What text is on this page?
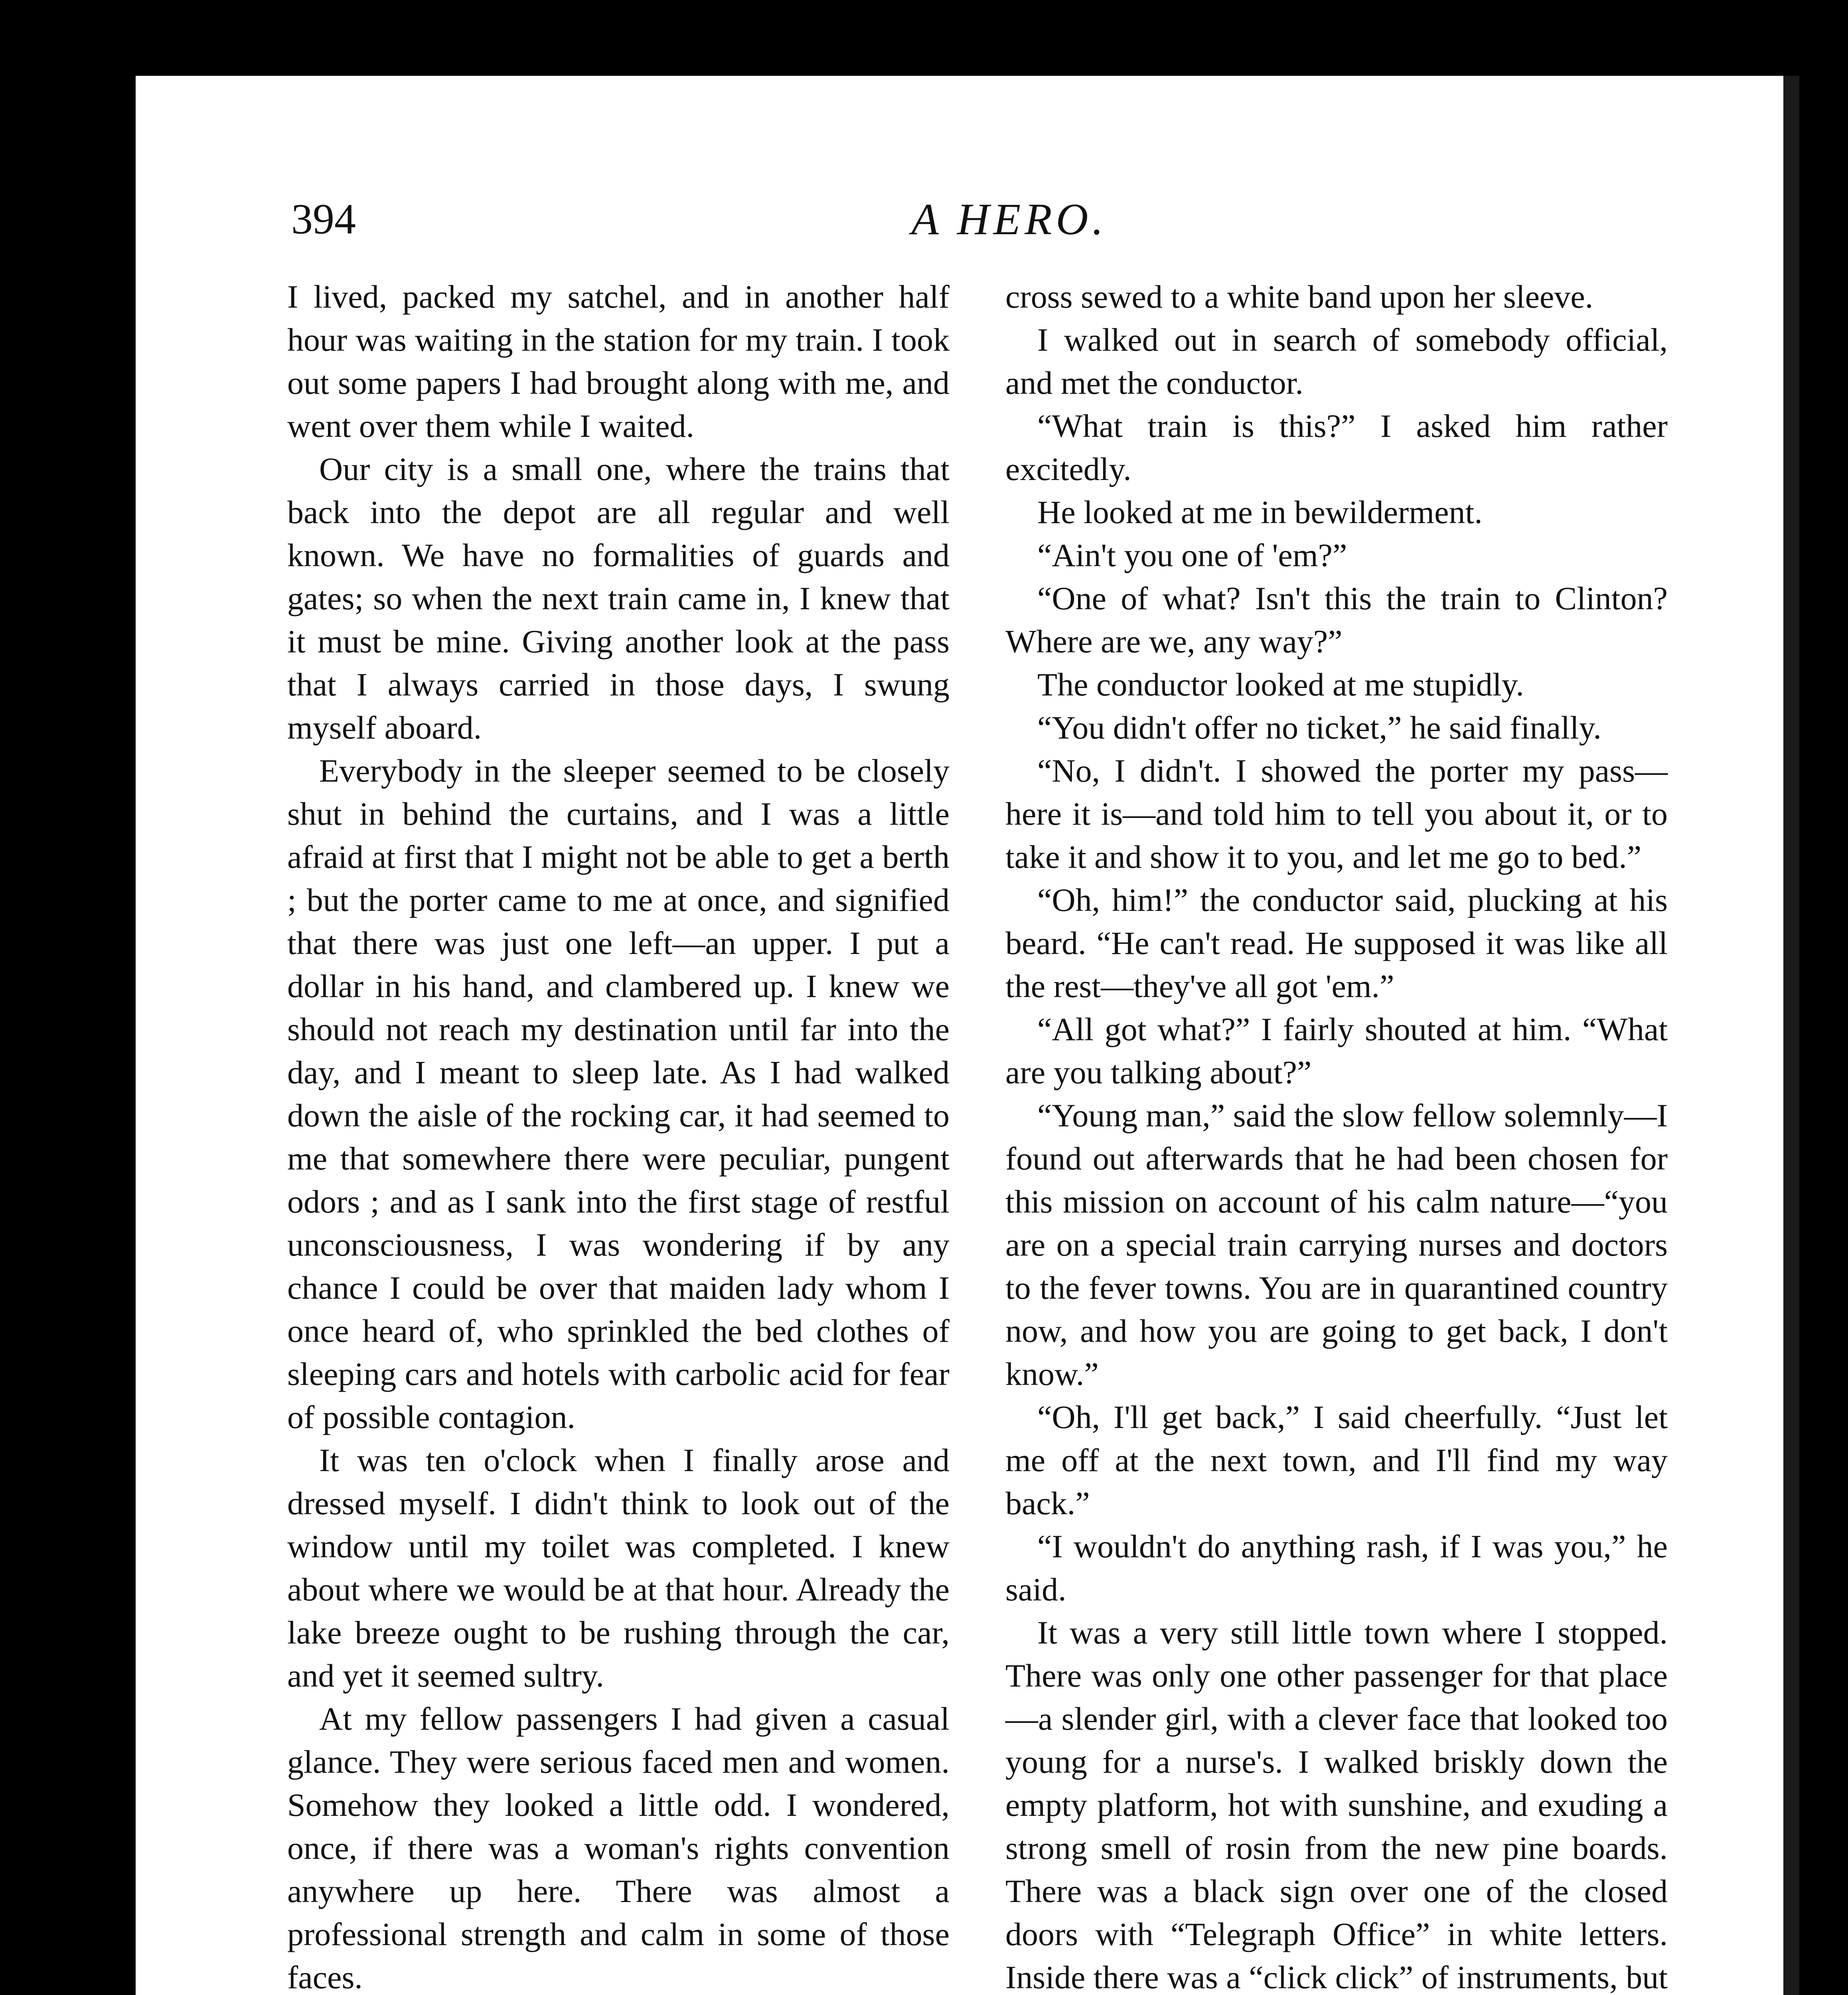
394	A HERO.

I lived, packed my satchel, and in another half hour was waiting in the station for my train. I took out some papers I had brought along with me, and went over them while I waited.

Our city is a small one, where the trains that back into the depot are all regular and well known. We have no formalities of guards and gates; so when the next train came in, I knew that it must be mine. Giving another look at the pass that I always carried in those days, I swung myself aboard.

Everybody in the sleeper seemed to be closely shut in behind the curtains, and I was a little afraid at first that I might not be able to get a berth ; but the porter came to me at once, and signified that there was just one left—an upper. I put a dollar in his hand, and clambered up. I knew we should not reach my destination until far into the day, and I meant to sleep late. As I had walked down the aisle of the rocking car, it had seemed to me that somewhere there were peculiar, pungent odors ; and as I sank into the first stage of restful unconsciousness, I was wondering if by any chance I could be over that maiden lady whom I once heard of, who sprinkled the bed clothes of sleeping cars and hotels with carbolic acid for fear of possible contagion.

It was ten o'clock when I finally arose and dressed myself. I didn't think to look out of the window until my toilet was completed. I knew about where we would be at that hour. Already the lake breeze ought to be rushing through the car, and yet it seemed sultry.

At my fellow passengers I had given a casual glance. They were serious faced men and women. Somehow they looked a little odd. I wondered, once, if there was a woman's rights convention anywhere up here. There was almost a professional strength and calm in some of those faces.

cross sewed to a white band upon her sleeve.

I walked out in search of somebody official, and met the conductor.

“What train is this?” I asked him rather excitedly.

He looked at me in bewilderment.

“Ain't you one of 'em?”

“One of what? Isn't this the train to Clinton? Where are we, any way?”

The conductor looked at me stupidly.

“You didn't offer no ticket,” he said finally.

“No, I didn't. I showed the porter my pass—here it is—and told him to tell you about it, or to take it and show it to you, and let me go to bed.”

“Oh, him!” the conductor said, plucking at his beard. “He can't read. He supposed it was like all the rest—they've all got 'em.”

“All got what?” I fairly shouted at him. “What are you talking about?”

“Young man,” said the slow fellow solemnly—I found out afterwards that he had been chosen for this mission on account of his calm nature—“you are on a special train carrying nurses and doctors to the fever towns. You are in quarantined country now, and how you are going to get back, I don't know.”

“Oh, I'll get back,” I said cheerfully. “Just let me off at the next town, and I'll find my way back.”

“I wouldn't do anything rash, if I was you,” he said.

It was a very still little town where I stopped. There was only one other passenger for that place—a slender girl, with a clever face that looked too young for a nurse's. I walked briskly down the empty platform, hot with sunshine, and exuding a strong smell of rosin from the new pine boards. There was a black sign over one of the closed doors with “Telegraph Office” in white letters. Inside there was a “click click” of instruments, but
